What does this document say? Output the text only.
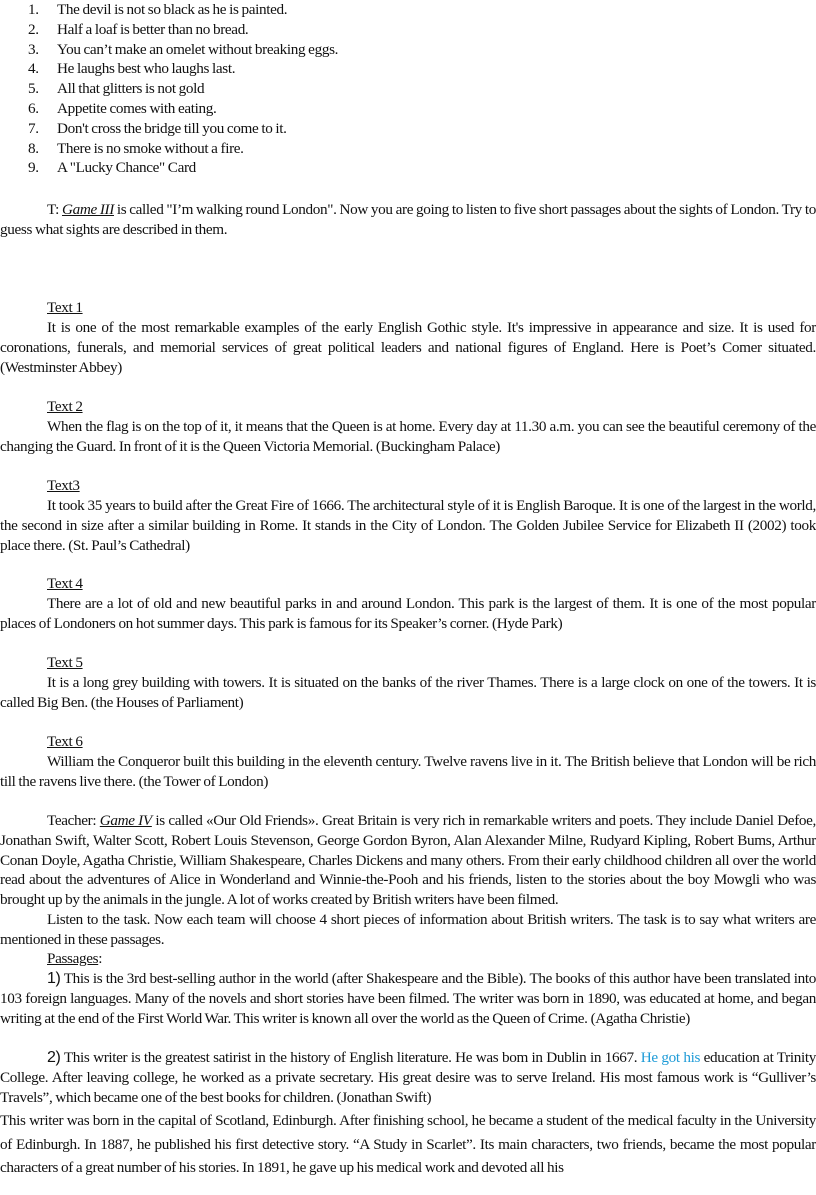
1.	The devil is not so black as he is painted.
2.	Half a loaf is better than no bread.
3.	You can’t make an omelet without breaking eggs.
4.	He laughs best who laughs last.
5.	All that glitters is not gold
6.	Appetite comes with eating.
7.	Don't cross the bridge till you come to it.
8.	There is no smoke without a fire.
9.	A "Lucky Chance" Card

T: Game III is called "I’m walking round London". Now you are going to listen to five short passages about the sights of London. Try to guess what sights are described in them.

Text 1

It is one of the most remarkable examples of the early English Gothic style. It's impressive in appearance and size. It is used for coronations, funerals, and memorial services of great political leaders and national figures of England. Here is Poet’s Comer situated. (Westminster Abbey)

Text 2

When the flag is on the top of it, it means that the Queen is at home. Every day at 11.30 a.m. you can see the beautiful ceremony of the changing the Guard. In front of it is the Queen Victoria Memorial. (Buckingham Palace)

Text3

It took 35 years to build after the Great Fire of 1666. The architectural style of it is English Baroque. It is one of the largest in the world, the second in size after a similar building in Rome. It stands in the City of London. The Golden Jubilee Service for Elizabeth II (2002) took place there. (St. Paul’s Cathedral)

Text 4

There are a lot of old and new beautiful parks in and around London. This park is the largest of them. It is one of the most popular places of Londoners on hot summer days. This park is famous for its Speaker’s corner. (Hyde Park)

Text 5

It is a long grey building with towers. It is situated on the banks of the river Thames. There is a large clock on one of the towers. It is called Big Ben. (the Houses of Parliament)

Text 6

William the Conqueror built this building in the eleventh century. Twelve ravens live in it. The British believe that London will be rich till the ravens live there. (the Tower of London)

Teacher: Game IV is called «Our Old Friends». Great Britain is very rich in remarkable writers and poets. They include Daniel Defoe, Jonathan Swift, Walter Scott, Robert Louis Stevenson, George Gordon Byron, Alan Alexander Milne, Rudyard Kipling, Robert Bums, Arthur Conan Doyle, Agatha Christie, William Shakespeare, Charles Dickens and many others. From their early childhood children all over the world read about the adventures of Alice in Wonderland and Winnie-the-Pooh and his friends, listen to the stories about the boy Mowgli who was brought up by the animals in the jungle. A lot of works created by British writers have been filmed.

Listen to the task. Now each team will choose 4 short pieces of information about British writers. The task is to say what writers are mentioned in these passages.

Passages:

1) This is the 3rd best-selling author in the world (after Shakespeare and the Bible). The books of this author have been translated into 103 foreign languages. Many of the novels and short stories have been filmed. The writer was born in 1890, was educated at home, and began writing at the end of the First World War. This writer is known all over the world as the Queen of Crime. (Agatha Christie)

2) This writer is the greatest satirist in the history of English literature. He was bom in Dublin in 1667. He got his education at Trinity College. After leaving college, he worked as a private secretary. His great desire was to serve Ireland. His most famous work is “Gulliver’s Travels”, which became one of the best books for children. (Jonathan Swift)

This writer was born in the capital of Scotland, Edinburgh. After finishing school, he became a student of the medical faculty in the University of Edinburgh. In 1887, he published his first detective story. “A Study in Scarlet”. Its main characters, two friends, became the most popular characters of a great number of his stories. In 1891, he gave up his medical work and devoted all his
